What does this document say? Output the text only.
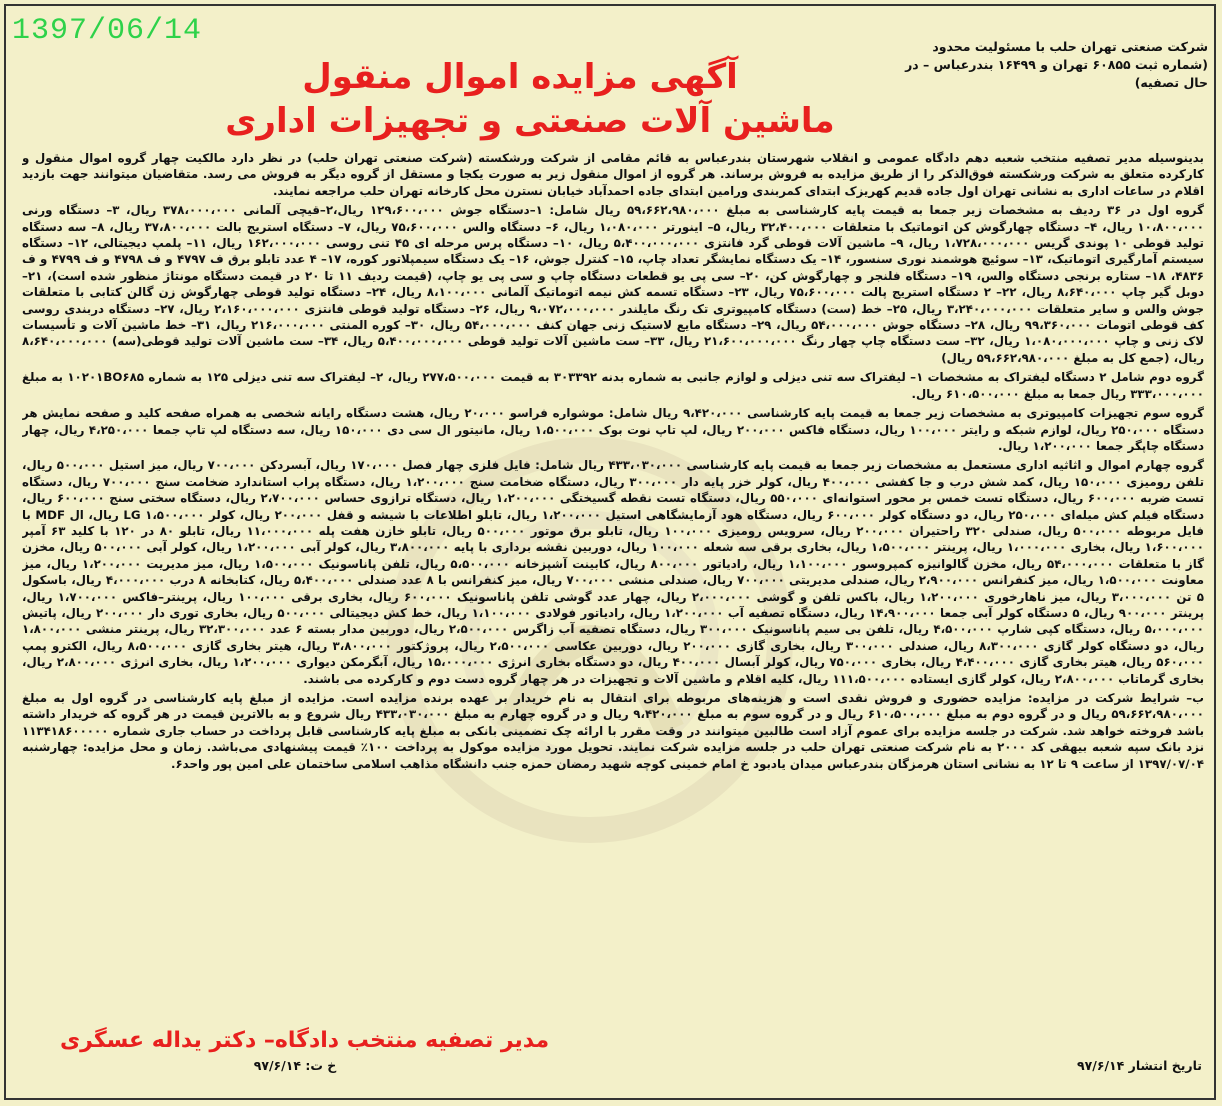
1397/06/14	شرکت صنعتی تهران حلب با مسئولیت محدود
(شماره ثبت ۶۰۸۵۵ تهران و ۱۶۴۹۹ بندرعباس – در حال تصفیه)
آگهی مزایده اموال منقول
ماشین آلات صنعتی و تجهیزات اداری

بدینوسیله مدیر تصفیه منتخب شعبه دهم دادگاه عمومی و انقلاب شهرستان بندرعباس به قائم مقامی از شرکت ورشکسته (شرکت صنعتی تهران حلب) در نظر دارد مالکیت چهار گروه اموال منقول و کارکرده متعلق به شرکت ورشکسته فوق‌الذکر را از طریق مزایده به فروش برساند. هر گروه از اموال منقول زیر به صورت یکجا و مستقل از گروه دیگر به فروش می رسد. متقاضیان میتوانند جهت بازدید اقلام در ساعات اداری به نشانی تهران اول جاده قدیم کهریزک ابتدای کمربندی ورامین ابتدای جاده احمدآباد خیابان نسترن محل کارخانه تهران حلب مراجعه نمایند.

گروه اول در ۳۶ ردیف به مشخصات زیر جمعا به قیمت پایه کارشناسی به مبلغ ۵۹،۶۶۲،۹۸۰،۰۰۰ ریال شامل: ۱–دستگاه جوش ۱۲۹،۶۰۰،۰۰۰ ریال،۲–قیچی آلمانی ۳۷۸،۰۰۰،۰۰۰ ریال، ۳– دستگاه ورنی ۱۰،۸۰۰،۰۰۰ ریال، ۴– دستگاه چهارگوش کن اتوماتیک با متعلقات ۳۲،۴۰۰،۰۰۰ ریال، ۵– اینورتر ۱،۰۸۰،۰۰۰ ریال، ۶– دستگاه والس ۷۵،۶۰۰،۰۰۰ ریال، ۷– دستگاه استریج بالت ۳۷،۸۰۰،۰۰۰ ریال، ۸– سه دستگاه تولید قوطی ۱۰ پوندی گریس ۱،۷۲۸،۰۰۰،۰۰۰ ریال، ۹– ماشین آلات قوطی گرد فانتزی ۵،۴۰۰،۰۰۰،۰۰۰ ریال، ۱۰– دستگاه پرس مرحله ای ۴۵ تنی روسی ۱۶۲،۰۰۰،۰۰۰ ریال، ۱۱– پلمپ دیجیتالی، ۱۲– دستگاه سیستم آمارگیری اتوماتیک، ۱۳– سوئیچ هوشمند نوری سنسور، ۱۴– یک دستگاه نمایشگر تعداد چاپ، ۱۵– کنترل جوش، ۱۶– یک دستگاه سیمپلاتور کوره، ۱۷– ۴ عدد تابلو برق ف ۴۷۹۷ و ف ۴۷۹۸ و ف ۴۷۹۹ و ف ۴۸۳۶، ۱۸– ستاره برنجی دستگاه والس، ۱۹– دستگاه فلنجر و چهارگوش کن، ۲۰– سی پی یو قطعات دستگاه چاپ و سی پی یو چاپ، (قیمت ردیف ۱۱ تا ۲۰ در قیمت دستگاه مونتاژ منظور شده است)، ۲۱– دوبل گیر چاپ ۸،۶۴۰،۰۰۰ ریال، ۲۲– ۲ دستگاه استریج پالت ۷۵،۶۰۰،۰۰۰ ریال، ۲۳– دستگاه تسمه کش نیمه اتوماتیک آلمانی ۸،۱۰۰،۰۰۰ ریال، ۲۴– دستگاه تولید قوطی چهارگوش زن گالن کتابی با متعلقات جوش والس و سایر متعلقات ۳،۲۴۰،۰۰۰،۰۰۰ ریال، ۲۵– خط (ست) دستگاه کامپیوتری تک رنگ مایلندر ۹،۰۷۲،۰۰۰،۰۰۰ ریال، ۲۶– دستگاه تولید قوطی فانتزی ۲،۱۶۰،۰۰۰،۰۰۰ ریال، ۲۷– دستگاه دربندی روسی کف قوطی اتومات ۹۹،۳۶۰،۰۰۰ ریال، ۲۸– دستگاه جوش ۵۴،۰۰۰،۰۰۰ ریال، ۲۹– دستگاه مایع لاستیک زنی جهان کنف ۵۴،۰۰۰،۰۰۰ ریال، ۳۰– کوره المنتی ۲۱۶،۰۰۰،۰۰۰ ریال، ۳۱– خط ماشین آلات و تأسیسات لاک زنی و چاپ ۱،۰۸۰،۰۰۰،۰۰۰ ریال، ۳۲– ست دستگاه چاپ چهار رنگ ۲۱،۶۰۰،۰۰۰،۰۰۰ ریال، ۳۳– ست ماشین آلات تولید قوطی ۵،۴۰۰،۰۰۰،۰۰۰ ریال، ۳۴– ست ماشین آلات تولید قوطی(سه) ۸،۶۴۰،۰۰۰،۰۰۰ ریال، (جمع کل به مبلغ ۵۹،۶۶۲،۹۸۰،۰۰۰ ریال)

گروه دوم شامل ۲ دستگاه لیفتراک به مشخصات ۱– لیفتراک سه تنی دیزلی و لوازم جانبی به شماره بدنه ۳۰۳۳۹۲ به قیمت ۲۷۷،۵۰۰،۰۰۰ ریال، ۲– لیفتراک سه تنی دیزلی ۱۲۵ به شماره ۱۰۲۰۱BO۶۸۵ به مبلغ ۳۳۳،۰۰۰،۰۰۰ ریال جمعا به مبلغ ۶۱۰،۵۰۰،۰۰۰ ریال.

گروه سوم تجهیزات کامپیوتری به مشخصات زیر جمعا به قیمت پایه کارشناسی ۹،۴۲۰،۰۰۰ ریال شامل: موشواره فراسو ۲۰،۰۰۰ ریال، هشت دستگاه رایانه شخصی به همراه صفحه کلید و صفحه نمایش هر دستگاه ۲۵۰،۰۰۰ ریال، لوازم شبکه و رایتر ۱۰۰،۰۰۰ ریال، دستگاه فاکس ۲۰۰،۰۰۰ ریال، لپ تاپ نوت بوک ۱،۵۰۰،۰۰۰ ریال، مانیتور ال سی دی ۱۵۰،۰۰۰ ریال، سه دستگاه لپ تاپ جمعا ۴،۲۵۰،۰۰۰ ریال، چهار دستگاه چاپگر جمعا ۱،۲۰۰،۰۰۰ ریال.

گروه چهارم اموال و اثاثیه اداری مستعمل به مشخصات زیر جمعا به قیمت پایه کارشناسی ۴۳۳،۰۳۰،۰۰۰ ریال شامل: فایل فلزی چهار فصل ۱۷۰،۰۰۰ ریال، آبسردکن ۷۰۰،۰۰۰ ریال، میز استیل ۵۰۰،۰۰۰ ریال، تلفن رومیزی ۱۵۰،۰۰۰ ریال، کمد شش درب و جا کفشی ۴۰۰،۰۰۰ ریال، کولر خزر پایه دار ۳۰۰،۰۰۰ ریال، دستگاه ضخامت سنج ۱،۲۰۰،۰۰۰ ریال، دستگاه پراب استاندارد ضخامت سنج ۷۰۰،۰۰۰ ریال، دستگاه تست ضربه ۶۰۰،۰۰۰ ریال، دستگاه تست خمس بر محور استوانه‌ای ۵۵۰،۰۰۰ ریال، دستگاه تست نقطه گسیختگی ۱،۲۰۰،۰۰۰ ریال، دستگاه ترازوی حساس ۲،۷۰۰،۰۰۰ ریال، دستگاه سختی سنج ۶۰۰،۰۰۰ ریال، دستگاه فیلم کش میله‌ای ۲۵۰،۰۰۰ ریال، دو دستگاه کولر ۶۰۰،۰۰۰ ریال، دستگاه هود آزمایشگاهی استیل ۱،۲۰۰،۰۰۰ ریال، تابلو اطلاعات با شیشه و قفل ۲۰۰،۰۰۰ ریال، کولر LG ۱،۵۰۰،۰۰۰ ریال، ال MDF با فایل مربوطه ۵۰۰،۰۰۰ ریال، صندلی ۳۲۰ راحتیران ۲۰۰،۰۰۰ ریال، سرویس رومیزی ۱۰۰،۰۰۰ ریال، تابلو برق موتور ۵۰۰،۰۰۰ ریال، تابلو خازن هفت پله ۱۱،۰۰۰،۰۰۰ ریال، تابلو ۸۰ در ۱۲۰ با کلید ۶۳ آمپر ۱،۶۰۰،۰۰۰ ریال، بخاری ۱،۰۰۰،۰۰۰ ریال، پرینتر ۱،۵۰۰،۰۰۰ ریال، بخاری برقی سه شعله ۱۰۰،۰۰۰ ریال، دوربین نقشه برداری با پایه ۳،۸۰۰،۰۰۰ ریال، کولر آبی ۱،۲۰۰،۰۰۰ ریال، کولر آبی ۵۰۰،۰۰۰ ریال، مخزن گاز با متعلقات ۵۴،۰۰۰،۰۰۰ ریال، مخزن گالوانیزه کمپروسور ۱،۱۰۰،۰۰۰ ریال، رادیاتور ۸۰۰،۰۰۰ ریال، کابینت آشپزخانه ۵،۵۰۰،۰۰۰ ریال، تلفن پاناسونیک ۱،۵۰۰،۰۰۰ ریال، میز مدیریت ۱،۲۰۰،۰۰۰ ریال، میز معاونت ۱،۵۰۰،۰۰۰ ریال، میز کنفرانس ۲،۹۰۰،۰۰۰ ریال، صندلی مدیریتی ۷۰۰،۰۰۰ ریال، صندلی منشی ۷۰۰،۰۰۰ ریال، میز کنفرانس با ۸ عدد صندلی ۵،۴۰۰،۰۰۰ ریال، کتابخانه ۸ درب ۴،۰۰۰،۰۰۰ ریال، باسکول ۵ تن ۳،۰۰۰،۰۰۰ ریال، میز ناهارخوری ۱،۲۰۰،۰۰۰ ریال، باکس تلفن و گوشی ۲،۰۰۰،۰۰۰ ریال، چهار عدد گوشی تلفن پاناسونیک ۶۰۰،۰۰۰ ریال، بخاری برقی ۱۰۰،۰۰۰ ریال، پرینتر–فاکس ۱،۷۰۰،۰۰۰ ریال، پرینتر ۹۰۰،۰۰۰ ریال، ۵ دستگاه کولر آبی جمعا ۱۴،۹۰۰،۰۰۰ ریال، دستگاه تصفیه آب ۱،۲۰۰،۰۰۰ ریال، رادیاتور فولادی ۱،۱۰۰،۰۰۰ ریال، خط کش دیجیتالی ۵۰۰،۰۰۰ ریال، بخاری توری دار ۲۰۰،۰۰۰ ریال، پاتیش ۵،۰۰۰،۰۰۰ ریال، دستگاه کپی شارپ ۴،۵۰۰،۰۰۰ ریال، تلفن بی سیم پاناسونیک ۳۰۰،۰۰۰ ریال، دستگاه تصفیه آب زاگرس ۲،۵۰۰،۰۰۰ ریال، دوربین مدار بسته ۶ عدد ۳۲،۳۰۰،۰۰۰ ریال، پرینتر منشی ۱،۸۰۰،۰۰۰ ریال، دو دستگاه کولر گازی ۸،۳۰۰،۰۰۰ ریال، صندلی ۳۰۰،۰۰۰ ریال، بخاری گازی ۲۰۰،۰۰۰ ریال، دوربین عکاسی ۲،۵۰۰،۰۰۰ ریال، پروژکتور ۳،۸۰۰،۰۰۰ ریال، هیتر بخاری گازی ۸،۵۰۰،۰۰۰ ریال، الکترو پمپ ۵۶۰،۰۰۰ ریال، هیتر بخاری گازی ۴،۴۰۰،۰۰۰ ریال، بخاری ۷۵۰،۰۰۰ ریال، کولر آبسال ۴۰۰،۰۰۰ ریال، دو دستگاه بخاری انرژی ۱۵،۰۰۰،۰۰۰ ریال، آبگرمکن دیواری ۱،۲۰۰،۰۰۰ ریال، بخاری انرژی ۲،۸۰۰،۰۰۰ ریال، بخاری گرماتاب ۲،۸۰۰،۰۰۰ ریال، کولر گازی ایستاده ۱۱۱،۵۰۰،۰۰۰ ریال، کلیه اقلام و ماشین آلات و تجهیزات در هر چهار گروه دست دوم و کارکرده می باشند.

ب– شرایط شرکت در مزایده: مزایده حضوری و فروش نقدی است و هزینه‌های مربوطه برای انتقال به نام خریدار بر عهده برنده مزایده است. مزایده از مبلغ پایه کارشناسی در گروه اول به مبلغ ۵۹،۶۶۲،۹۸۰،۰۰۰ ریال و در گروه دوم به مبلغ ۶۱۰،۵۰۰،۰۰۰ ریال و در گروه سوم به مبلغ ۹،۴۲۰،۰۰۰ ریال و در گروه چهارم به مبلغ ۴۳۳،۰۳۰،۰۰۰ ریال شروع و به بالاترین قیمت در هر گروه که خریدار داشته باشد فروخته خواهد شد. شرکت در جلسه مزایده برای عموم آزاد است طالبین میتوانند در وقت مقرر با ارائه چک تضمینی بانکی به مبلغ پایه کارشناسی قابل پرداخت در حساب جاری شماره ۱۱۳۴۱۸۶۰۰۰۰۰ نزد بانک سپه شعبه بیهقی کد ۲۰۰۰ به نام شرکت صنعتی تهران حلب در جلسه مزایده شرکت نمایند. تحویل مورد مزایده موکول به پرداخت ۱۰۰٪ قیمت پیشنهادی می‌باشد. زمان و محل مزایده: چهارشنبه ۱۳۹۷/۰۷/۰۴ از ساعت ۹ تا ۱۲ به نشانی استان هرمزگان بندرعباس میدان یادبود خ امام خمینی کوچه شهید رمضان حمزه جنب دانشگاه مذاهب اسلامی ساختمان علی امین پور واحد۶.

تاریخ انتشار ۹۷/۶/۱۴
خ ت: ۹۷/۶/۱۴
مدیر تصفیه منتخب دادگاه– دکتر یداله عسگری
